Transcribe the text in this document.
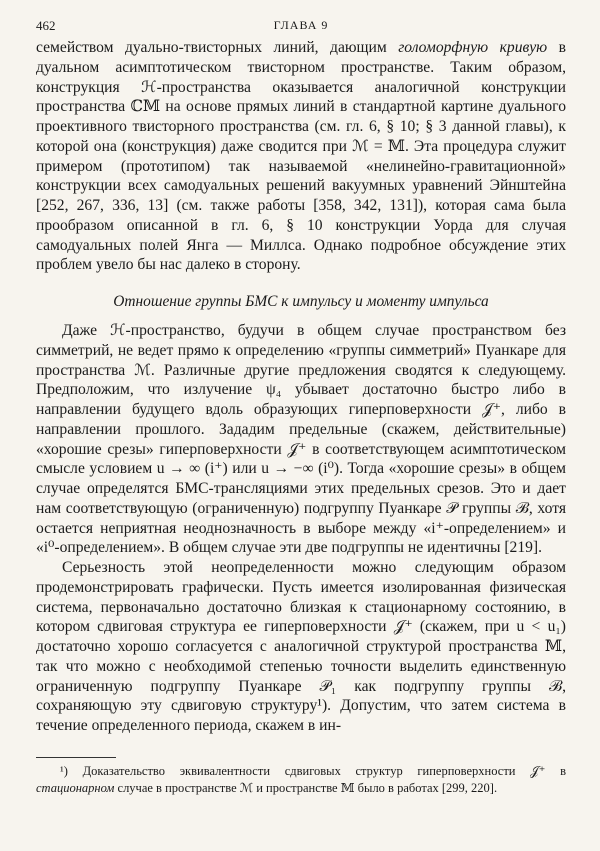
462	ГЛАВА 9

семейством дуально-твисторных линий, дающим голоморфную кривую в дуальном асимптотическом твисторном пространстве. Таким образом, конструкция ℋ-пространства оказывается аналогичной конструкции пространства ℂ𝕄 на основе прямых линий в стандартной картине дуального проективного твисторного пространства (см. гл. 6, § 10; § 3 данной главы), к которой она (конструкция) даже сводится при ℳ = 𝕄. Эта процедура служит примером (прототипом) так называемой «нелинейно-гравитационной» конструкции всех самодуальных решений вакуумных уравнений Эйнштейна [252, 267, 336, 13] (см. также работы [358, 342, 131]), которая сама была прообразом описанной в гл. 6, § 10 конструкции Уорда для случая самодуальных полей Янга — Миллса. Однако подробное обсуждение этих проблем увело бы нас далеко в сторону.

Отношение группы БМС к импульсу и моменту импульса

Даже ℋ-пространство, будучи в общем случае пространством без симметрий, не ведет прямо к определению «группы симметрий» Пуанкаре для пространства ℳ. Различные другие предложения сводятся к следующему. Предположим, что излучение ψ₄ убывает достаточно быстро либо в направлении будущего вдоль образующих гиперповерхности 𝒥⁺, либо в направлении прошлого. Зададим предельные (скажем, действительные) «хорошие срезы» гиперповерхности 𝒥⁺ в соответствующем асимптотическом смысле условием u → ∞ (i⁺) или u → −∞ (i⁰). Тогда «хорошие срезы» в общем случае определятся БМС-трансляциями этих предельных срезов. Это и дает нам соответствующую (ограниченную) подгруппу Пуанкаре 𝒫 группы ℬ, хотя остается неприятная неоднозначность в выборе между «i⁺-определением» и «i⁰-определением». В общем случае эти две подгруппы не идентичны [219].

Серьезность этой неопределенности можно следующим образом продемонстрировать графически. Пусть имеется изолированная физическая система, первоначально достаточно близкая к стационарному состоянию, в котором сдвиговая структура ее гиперповерхности 𝒥⁺ (скажем, при u < u₁) достаточно хорошо согласуется с аналогичной структурой пространства 𝕄, так что можно с необходимой степенью точности выделить единственную ограниченную подгруппу Пуанкаре 𝒫₁ как подгруппу группы ℬ, сохраняющую эту сдвиговую структуру¹). Допустим, что затем система в течение определенного периода, скажем в ин-

¹) Доказательство эквивалентности сдвиговых структур гиперповерхности 𝒥⁺ в стационарном случае в пространстве ℳ и пространстве 𝕄 было в работах [299, 220].
